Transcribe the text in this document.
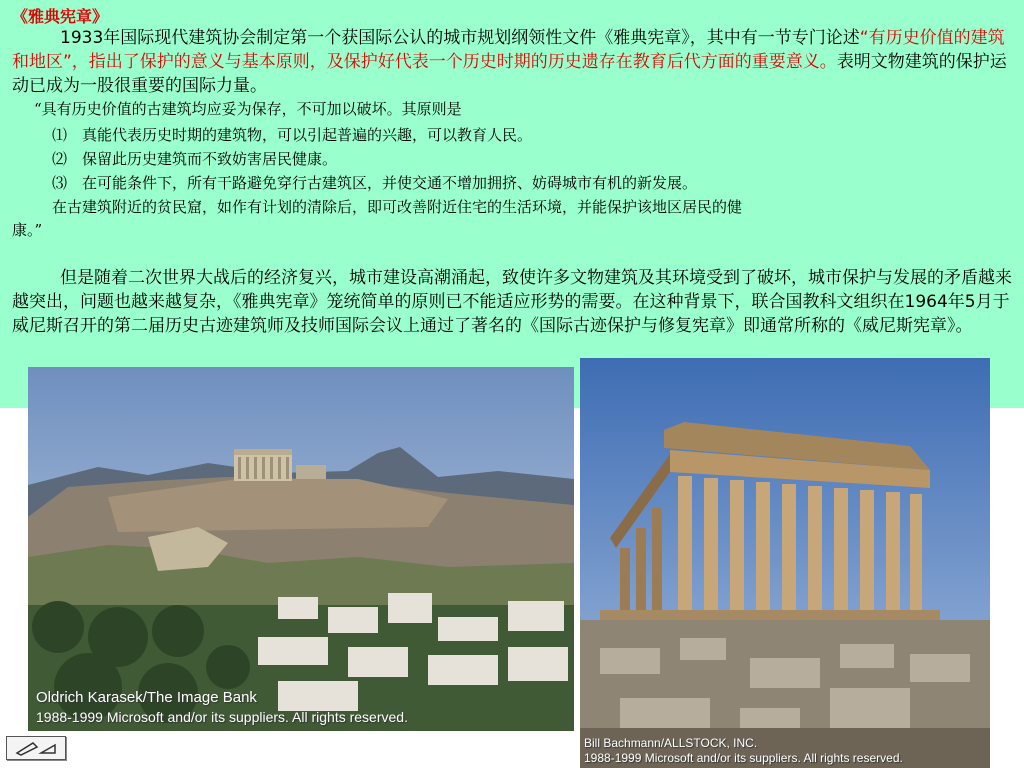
《雅典宪章》
1933年国际现代建筑协会制定第一个获国际公认的城市规划纲领性文件《雅典宪章》，其中有一节专门论述“有历史价值的建筑和地区”，指出了保护的意义与基本原则，及保护好代表一个历史时期的历史遗存在教育后代方面的重要意义。表明文物建筑的保护运动已成为一股很重要的国际力量。
“具有历史价值的古建筑均应妥为保存，不可加以破坏。其原则是
⑴　真能代表历史时期的建筑物，可以引起普遍的兴趣，可以教育人民。
⑵　保留此历史建筑而不致妨害居民健康。
⑶　在可能条件下，所有干路避免穿行古建筑区，并使交通不增加拥挤、妨碍城市有机的新发展。
在古建筑附近的贫民窟，如作有计划的清除后，即可改善附近住宅的生活环境，并能保护该地区居民的健
康。”
但是随着二次世界大战后的经济复兴，城市建设高潮涌起，致使许多文物建筑及其环境受到了破坏，城市保护与发展的矛盾越来越突出，问题也越来越复杂，《雅典宪章》笼统简单的原则已不能适应形势的需要。在这种背景下，联合国教科文组织在1964年5月于威尼斯召开的第二届历史古迹建筑师及技师国际会议上通过了著名的《国际古迹保护与修复宪章》即通常所称的《威尼斯宪章》。
Oldrich Karasek/The Image Bank
1988-1999 Microsoft and/or its suppliers. All rights reserved.
Bill Bachmann/ALLSTOCK, INC.
1988-1999 Microsoft and/or its suppliers. All rights reserved.
